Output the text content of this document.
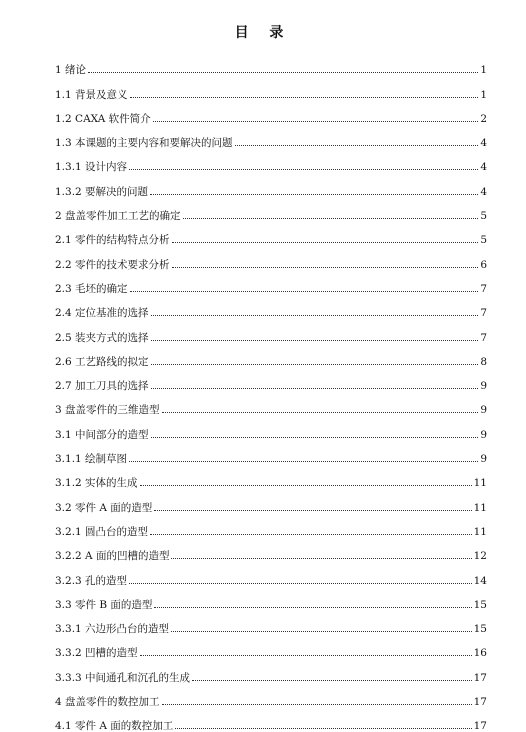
目 录
1 绪论	1
1.1 背景及意义	1
1.2 CAXA 软件简介	2
1.3 本课题的主要内容和要解决的问题	4
1.3.1 设计内容	4
1.3.2 要解决的问题	4
2 盘盖零件加工工艺的确定	5
2.1 零件的结构特点分析	5
2.2 零件的技术要求分析	6
2.3 毛坯的确定	7
2.4 定位基准的选择	7
2.5 装夹方式的选择	7
2.6 工艺路线的拟定	8
2.7 加工刀具的选择	9
3 盘盖零件的三维造型	9
3.1 中间部分的造型	9
3.1.1 绘制草图	9
3.1.2 实体的生成	11
3.2 零件 A 面的造型	11
3.2.1 圆凸台的造型	11
3.2.2 A 面的凹槽的造型	12
3.2.3 孔的造型	14
3.3 零件 B 面的造型	15
3.3.1 六边形凸台的造型	15
3.3.2 凹槽的造型	16
3.3.3 中间通孔和沉孔的生成	17
4 盘盖零件的数控加工	17
4.1 零件 A 面的数控加工	17
